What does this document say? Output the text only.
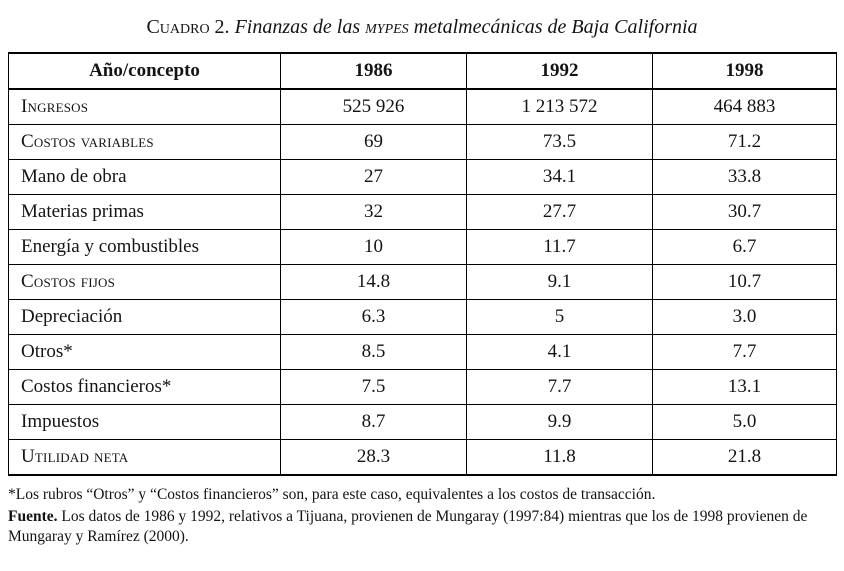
Cuadro 2. Finanzas de las mypes metalmecánicas de Baja California
Año/concepto	1986	1992	1998
Ingresos	525 926	1 213 572	464 883
Costos variables	69	73.5	71.2
Mano de obra	27	34.1	33.8
Materias primas	32	27.7	30.7
Energía y combustibles	10	11.7	6.7
Costos fijos	14.8	9.1	10.7
Depreciación	6.3	5	3.0
Otros*	8.5	4.1	7.7
Costos financieros*	7.5	7.7	13.1
Impuestos	8.7	9.9	5.0
Utilidad neta	28.3	11.8	21.8

*Los rubros “Otros” y “Costos financieros” son, para este caso, equivalentes a los costos de transacción.

Fuente. Los datos de 1986 y 1992, relativos a Tijuana, provienen de Mungaray (1997:84) mientras que los de 1998 provienen de Mungaray y Ramírez (2000).
